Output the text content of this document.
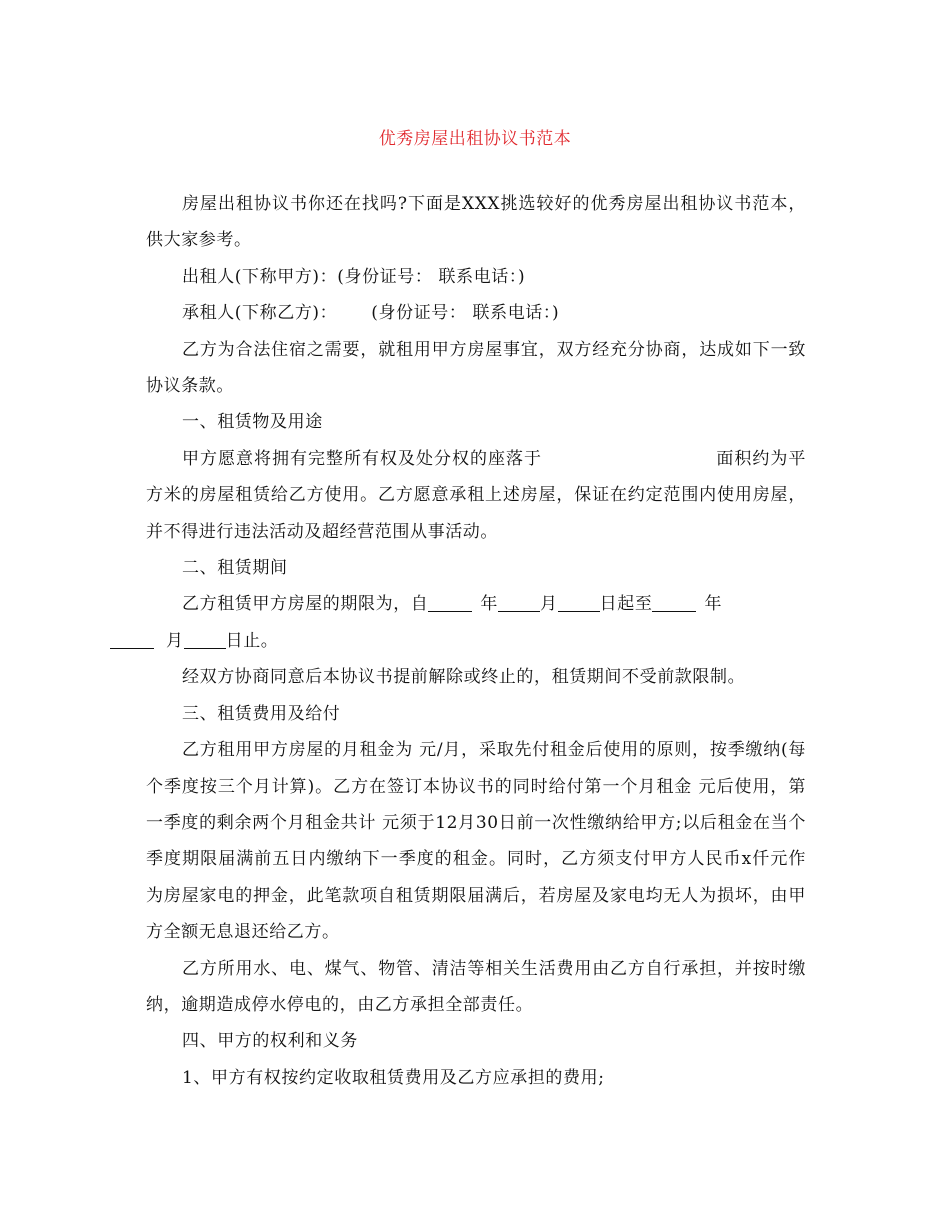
优秀房屋出租协议书范本

房屋出租协议书你还在找吗?下面是XXX挑选较好的优秀房屋出租协议书范本，供大家参考。

出租人(下称甲方)：(身份证号： 联系电话：)

承租人(下称乙方)： (身份证号： 联系电话：)

乙方为合法住宿之需要，就租用甲方房屋事宜，双方经充分协商，达成如下一致协议条款。

一、租赁物及用途

甲方愿意将拥有完整所有权及处分权的座落于	面积约为平方米的房屋租赁给乙方使用。乙方愿意承租上述房屋，保证在约定范围内使用房屋，并不得进行违法活动及超经营范围从事活动。

二、租赁期间

乙方租赁甲方房屋的期限为，自	年 月 日起至	年
月 日止。

经双方协商同意后本协议书提前解除或终止的，租赁期间不受前款限制。

三、租赁费用及给付

乙方租用甲方房屋的月租金为 元/月，采取先付租金后使用的原则，按季缴纳(每个季度按三个月计算)。乙方在签订本协议书的同时给付第一个月租金 元后使用，第一季度的剩余两个月租金共计 元须于12月30日前一次性缴纳给甲方;以后租金在当个季度期限届满前五日内缴纳下一季度的租金。同时，乙方须支付甲方人民币x仟元作为房屋家电的押金，此笔款项自租赁期限届满后，若房屋及家电均无人为损坏，由甲方全额无息退还给乙方。

乙方所用水、电、煤气、物管、清洁等相关生活费用由乙方自行承担，并按时缴纳，逾期造成停水停电的，由乙方承担全部责任。

四、甲方的权利和义务

1、甲方有权按约定收取租赁费用及乙方应承担的费用;
